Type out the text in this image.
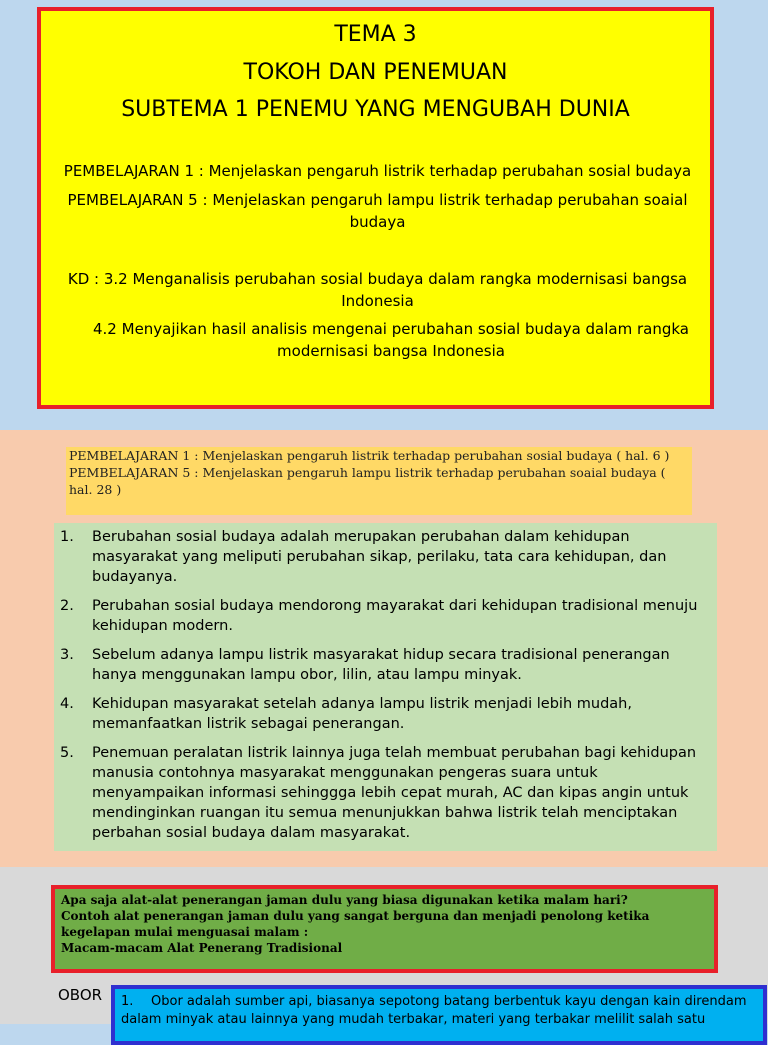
TEMA 3
TOKOH DAN PENEMUAN
SUBTEMA 1 PENEMU YANG MENGUBAH DUNIA
PEMBELAJARAN 1 : Menjelaskan pengaruh listrik terhadap perubahan sosial budaya
PEMBELAJARAN 5 : Menjelaskan pengaruh lampu listrik terhadap perubahan soaial budaya
KD : 3.2 Menganalisis perubahan sosial budaya dalam rangka modernisasi bangsa Indonesia
4.2 Menyajikan hasil analisis mengenai perubahan sosial budaya dalam rangka modernisasi bangsa Indonesia
PEMBELAJARAN 1 : Menjelaskan pengaruh listrik terhadap perubahan sosial budaya ( hal. 6 )
PEMBELAJARAN 5 : Menjelaskan pengaruh lampu listrik terhadap perubahan soaial budaya ( hal. 28 )
1.	Berubahan sosial budaya adalah merupakan perubahan dalam kehidupan masyarakat yang meliputi perubahan sikap, perilaku, tata cara kehidupan, dan budayanya.
2.	Perubahan sosial budaya mendorong mayarakat dari kehidupan tradisional menuju kehidupan modern.
3.	Sebelum adanya lampu listrik masyarakat hidup secara tradisional penerangan hanya menggunakan lampu obor, lilin, atau lampu minyak.
4.	Kehidupan masyarakat setelah adanya lampu listrik menjadi lebih mudah, memanfaatkan listrik sebagai penerangan.
5.	Penemuan peralatan listrik lainnya juga telah membuat perubahan bagi kehidupan manusia contohnya masyarakat menggunakan pengeras suara untuk menyampaikan informasi sehinggga lebih cepat murah, AC dan kipas angin untuk mendinginkan ruangan itu semua menunjukkan bahwa listrik telah menciptakan perbahan sosial budaya dalam masyarakat.
Apa saja alat-alat penerangan jaman dulu yang biasa digunakan ketika malam hari?
Contoh alat penerangan jaman dulu yang sangat berguna dan menjadi penolong ketika kegelapan mulai menguasai malam :
Macam-macam Alat Penerang Tradisional
OBOR	1. Obor adalah sumber api, biasanya sepotong batang berbentuk kayu dengan kain direndam dalam minyak atau lainnya yang mudah terbakar, materi yang terbakar melilit salah satu
